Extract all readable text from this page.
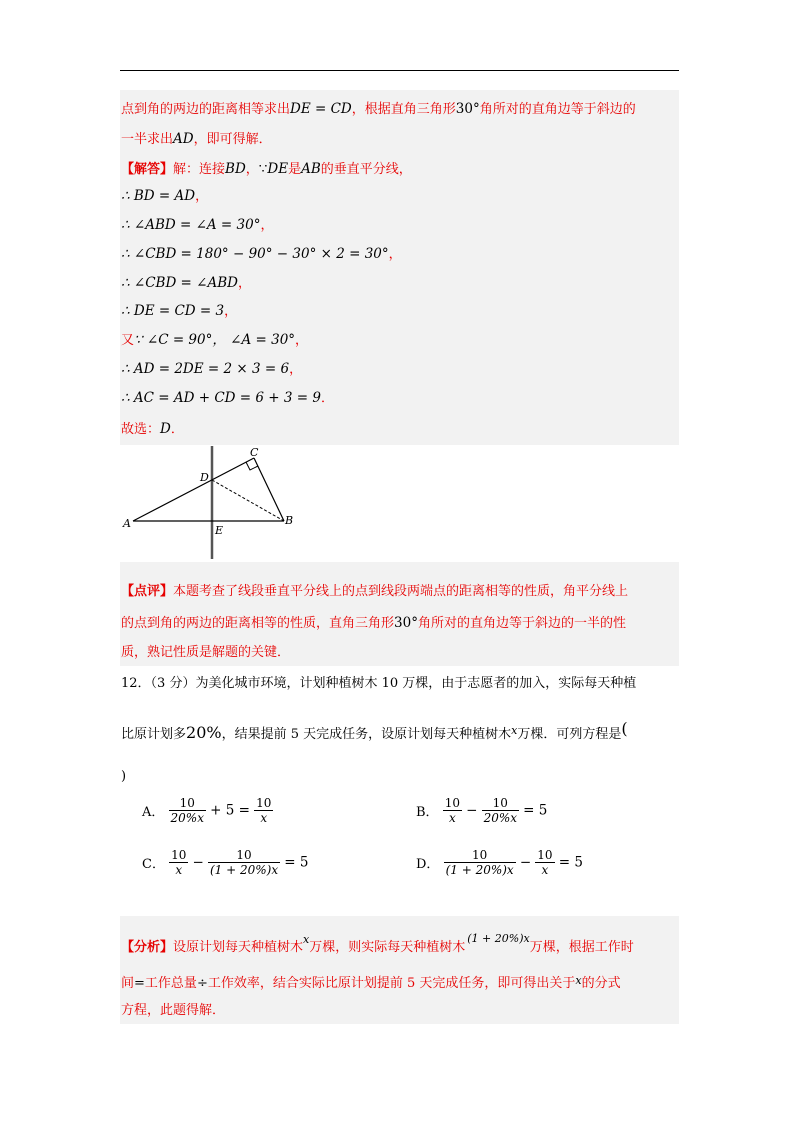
点到角的两边的距离相等求出DE = CD，根据直角三角形30°角所对的直角边等于斜边的
一半求出AD，即可得解．
【解答】解：连接BD，∵DE是AB的垂直平分线，
∴ BD = AD，
∴ ∠ABD = ∠A = 30°，
∴ ∠CBD = 180° − 90° − 30° × 2 = 30°，
∴ ∠CBD = ∠ABD，
∴ DE = CD = 3，
又∵ ∠C = 90°， ∠A = 30°，
∴ AD = 2DE = 2 × 3 = 6，
∴ AC = AD + CD = 6 + 3 = 9．
故选：D．
A	B
C
D
E
【点评】本题考查了线段垂直平分线上的点到线段两端点的距离相等的性质，角平分线上
的点到角的两边的距离相等的性质，直角三角形30°角所对的直角边等于斜边的一半的性
质，熟记性质是解题的关键．
12．（3 分）为美化城市环境，计划种植树木 10 万棵，由于志愿者的加入，实际每天种植
比原计划多20%，结果提前 5 天完成任务，设原计划每天种植树木$^x$万棵．可列方程是(
)
A． $\frac{10}{20\%x} + 5 = \frac{10}{x}$	B． $\frac{10}{x} - \frac{10}{20\%x} = 5$
C． $\frac{10}{x} - \frac{10}{(1 + 20\%)x} = 5$	D． $\frac{10}{(1 + 20\%)x} - \frac{10}{x} = 5$
【分析】设原计划每天种植树木$^x$万棵，则实际每天种植树木$^{(1 + 20\%)x}$万棵，根据工作时
间=工作总量÷工作效率，结合实际比原计划提前 5 天完成任务，即可得出关于$^x$的分式
方程，此题得解．
